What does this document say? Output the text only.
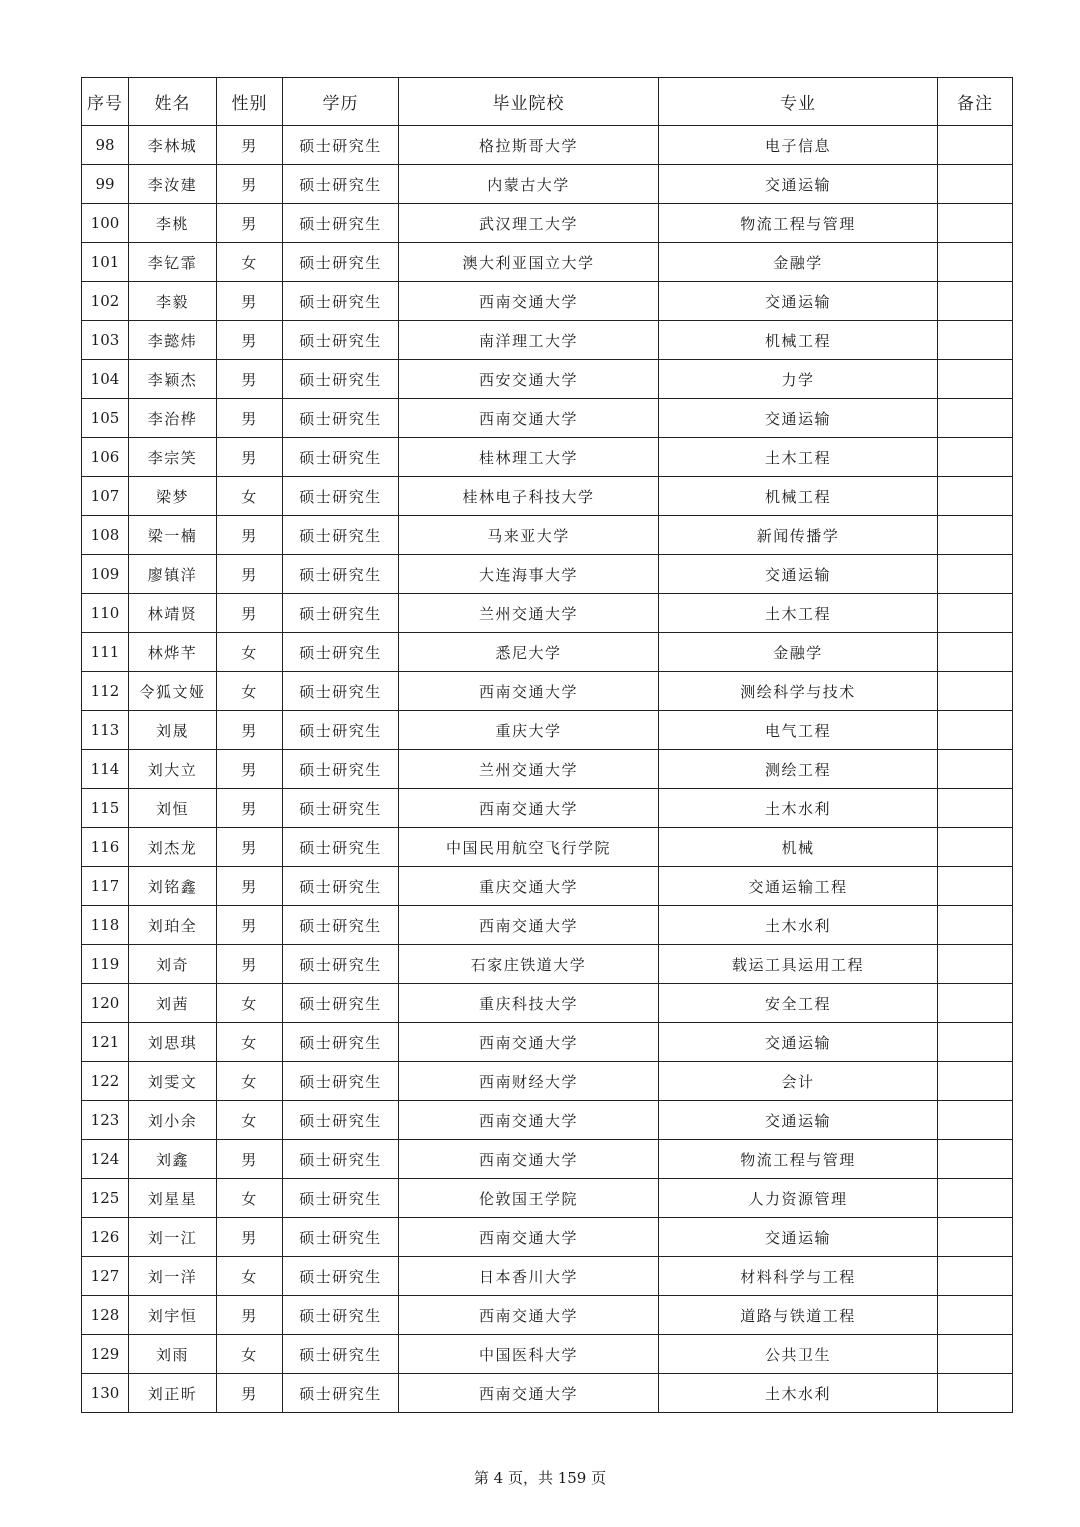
序号	姓名	性别	学历	毕业院校	专业	备注
98	李林城	男	硕士研究生	格拉斯哥大学	电子信息	
99	李汝建	男	硕士研究生	内蒙古大学	交通运输	
100	李桃	男	硕士研究生	武汉理工大学	物流工程与管理	
101	李钇霏	女	硕士研究生	澳大利亚国立大学	金融学	
102	李毅	男	硕士研究生	西南交通大学	交通运输	
103	李懿炜	男	硕士研究生	南洋理工大学	机械工程	
104	李颖杰	男	硕士研究生	西安交通大学	力学	
105	李治桦	男	硕士研究生	西南交通大学	交通运输	
106	李宗笑	男	硕士研究生	桂林理工大学	土木工程	
107	梁梦	女	硕士研究生	桂林电子科技大学	机械工程	
108	梁一楠	男	硕士研究生	马来亚大学	新闻传播学	
109	廖镇洋	男	硕士研究生	大连海事大学	交通运输	
110	林靖贤	男	硕士研究生	兰州交通大学	土木工程	
111	林烨芊	女	硕士研究生	悉尼大学	金融学	
112	令狐文娅	女	硕士研究生	西南交通大学	测绘科学与技术	
113	刘晟	男	硕士研究生	重庆大学	电气工程	
114	刘大立	男	硕士研究生	兰州交通大学	测绘工程	
115	刘恒	男	硕士研究生	西南交通大学	土木水利	
116	刘杰龙	男	硕士研究生	中国民用航空飞行学院	机械	
117	刘铭鑫	男	硕士研究生	重庆交通大学	交通运输工程	
118	刘珀全	男	硕士研究生	西南交通大学	土木水利	
119	刘奇	男	硕士研究生	石家庄铁道大学	载运工具运用工程	
120	刘茜	女	硕士研究生	重庆科技大学	安全工程	
121	刘思琪	女	硕士研究生	西南交通大学	交通运输	
122	刘雯文	女	硕士研究生	西南财经大学	会计	
123	刘小余	女	硕士研究生	西南交通大学	交通运输	
124	刘鑫	男	硕士研究生	西南交通大学	物流工程与管理	
125	刘星星	女	硕士研究生	伦敦国王学院	人力资源管理	
126	刘一江	男	硕士研究生	西南交通大学	交通运输	
127	刘一洋	女	硕士研究生	日本香川大学	材料科学与工程	
128	刘宇恒	男	硕士研究生	西南交通大学	道路与铁道工程	
129	刘雨	女	硕士研究生	中国医科大学	公共卫生	
130	刘正昕	男	硕士研究生	西南交通大学	土木水利	
第 4 页，共 159 页
